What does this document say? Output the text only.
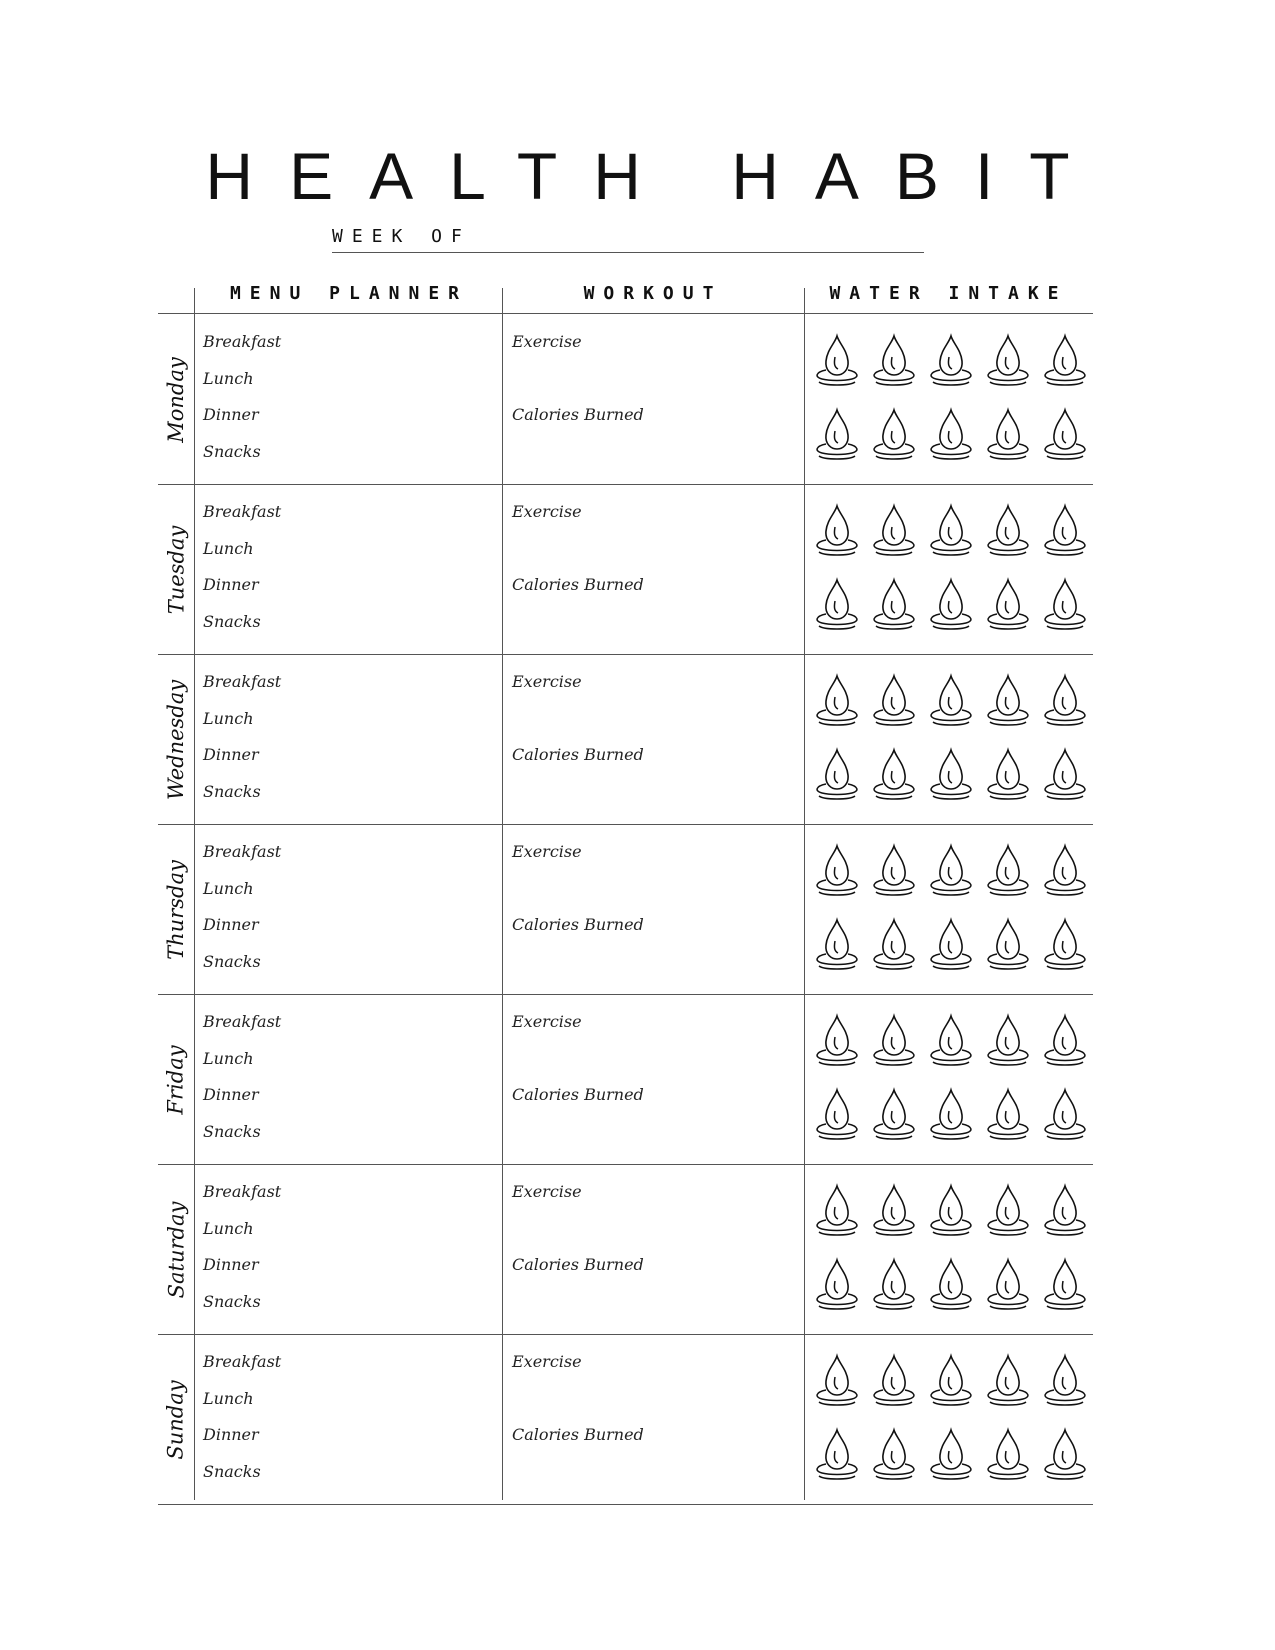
HEALTH HABIT
WEEK OF
MENU PLANNER	WORKOUT	WATER INTAKE
Monday
Breakfast
Lunch
Dinner
Snacks
Exercise
Calories Burned
Tuesday
Breakfast
Lunch
Dinner
Snacks
Exercise
Calories Burned
Wednesday Breakfast
Lunch
Dinner
Snacks
Exercise
Calories Burned
Thursday
Breakfast
Lunch
Dinner
Snacks
Exercise
Calories Burned
Friday
Breakfast
Lunch
Dinner
Snacks
Exercise
Calories Burned
Saturday
Breakfast
Lunch
Dinner
Snacks
Exercise
Calories Burned
Sunday
Breakfast
Lunch
Dinner
Snacks
Exercise
Calories Burned
